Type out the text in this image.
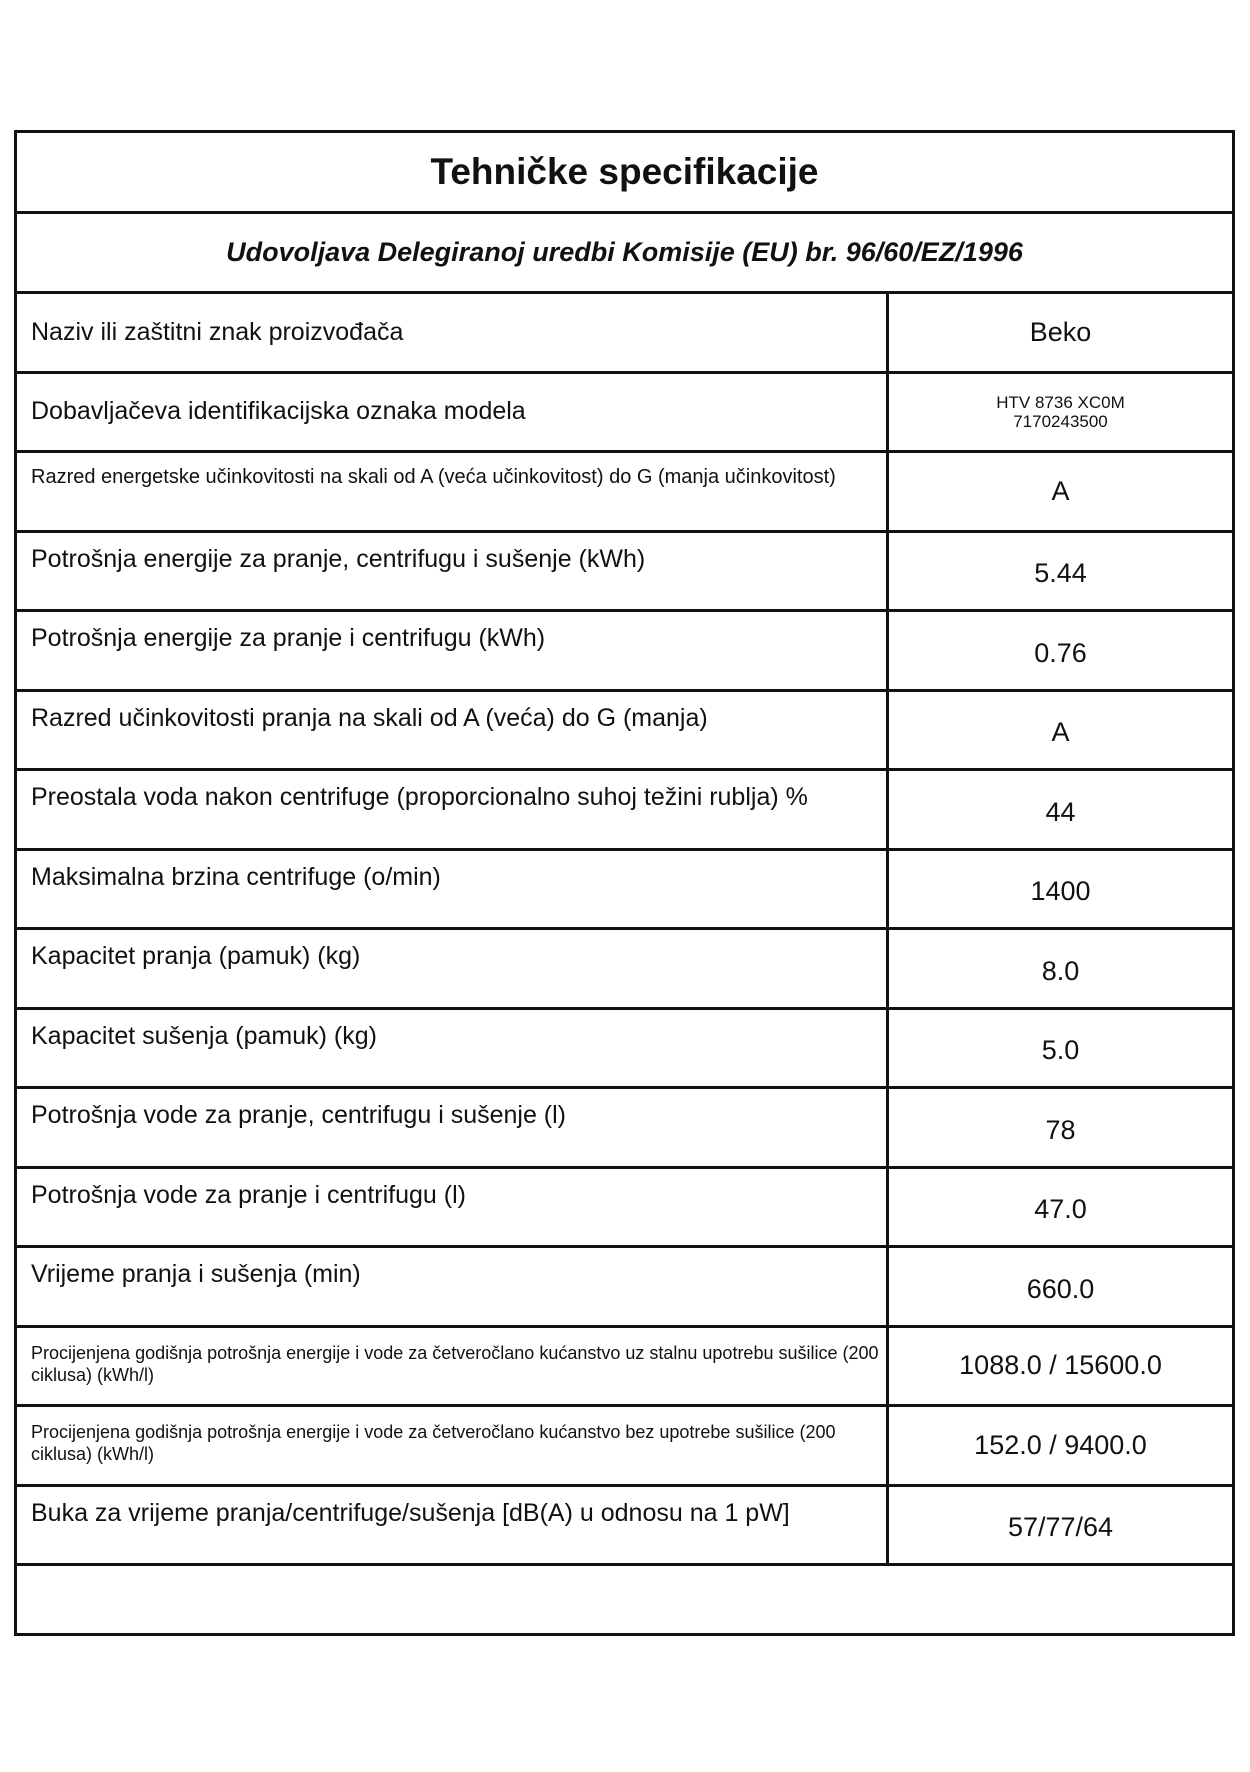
Tehničke specifikacije
Udovoljava Delegiranoj uredbi Komisije (EU) br. 96/60/EZ/1996
Naziv ili zaštitni znak proizvođača	Beko
Dobavljačeva identifikacijska oznaka modela	HTV 8736 XC0M
7170243500
Razred energetske učinkovitosti na skali od A (veća učinkovitost) do G (manja učinkovitost)	A
Potrošnja energije za pranje, centrifugu i sušenje (kWh)	5.44
Potrošnja energije za pranje i centrifugu (kWh)	0.76
Razred učinkovitosti pranja na skali od A (veća) do G (manja)	A
Preostala voda nakon centrifuge (proporcionalno suhoj težini rublja) %	44
Maksimalna brzina centrifuge (o/min)	1400
Kapacitet pranja (pamuk) (kg)	8.0
Kapacitet sušenja (pamuk) (kg)	5.0
Potrošnja vode za pranje, centrifugu i sušenje (l)	78
Potrošnja vode za pranje i centrifugu (l)	47.0
Vrijeme pranja i sušenja (min)	660.0
Procijenjena godišnja potrošnja energije i vode za četveročlano kućanstvo uz stalnu upotrebu sušilice (200 ciklusa) (kWh/l)	1088.0 / 15600.0
Procijenjena godišnja potrošnja energije i vode za četveročlano kućanstvo bez upotrebe sušilice (200 ciklusa) (kWh/l)	152.0 / 9400.0
Buka za vrijeme pranja/centrifuge/sušenja [dB(A) u odnosu na 1 pW]	57/77/64
